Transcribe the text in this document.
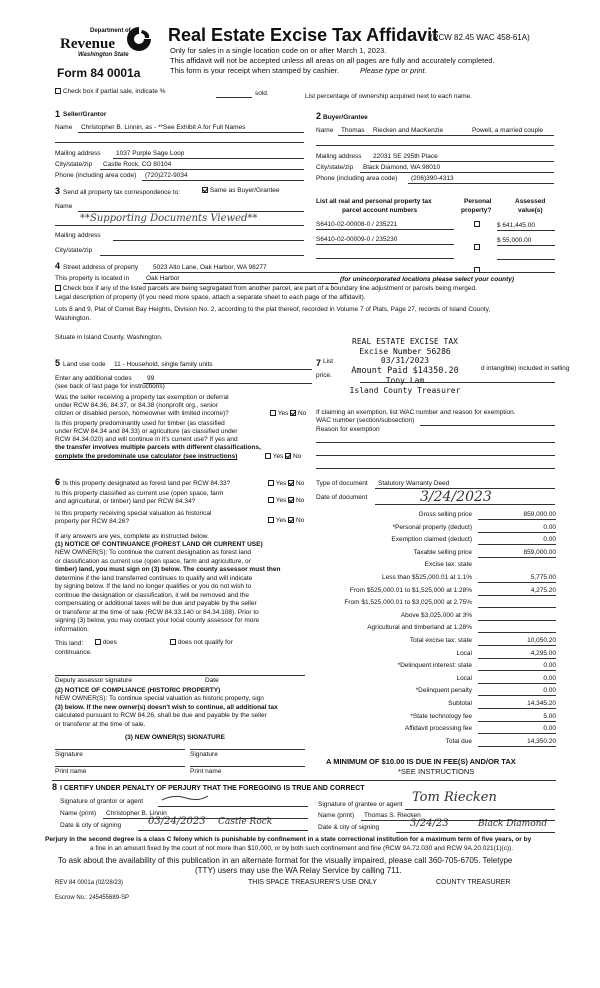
Department of
Revenue
Washington State
Form 84 0001a
Real Estate Excise Tax Affidavit
(RCW 82.45 WAC 458-61A)
Only for sales in a single location code on or after March 1, 2023.
This affidavit will not be accepted unless all areas on all pages are fully and accurately completed.
This form is your receipt when stamped by cashier.	Please type or print.
Check box if partial sale, indicate %	sold.	List percentage of ownership acquired next to each name.
1 Seller/Grantor
Name Christopher B. Linnin, as - **See Exhibit A for Full Names
Mailing address 1037 Purple Sage Loop
City/state/zip Castle Rock, CO 80104
Phone (including area code) (720)272-9034
2 Buyer/Grantee
Name Thomas Riecken and MacKenzie	Powell, a married couple
Mailing address 22031 SE 295th Place
City/state/zip Black Diamond, WA 98010
Phone (including area code) (206)390-4313
3 Send all property tax correspondence to:	Same as Buyer/Grantee
Name
**Supporting Documents Viewed**
Mailing address
City/state/zip
List all real and personal property tax
parcel account numbers
Personal
property?
Assessed
value(s)
S6410-02-00008-0 / 235221	$ 641,445.00
S6410-02-00009-0 / 235230	$ 55,000.00
4 Street address of property 5023 Alto Lane, Oak Harbor, WA 98277
This property is located in	Oak Harbor	(for unincorporated locations please select your county)
Check box if any of the listed parcels are being segregated from another parcel, are part of a boundary line adjustment or parcels being merged.
Legal description of property (if you need more space, attach a separate sheet to each page of the affidavit).
Lots 8 and 9, Plat of Comet Bay Heights, Division No. 2, according to the plat thereof, recorded in Volume 7 of Plats, Page 27, records of Island County,
Washington.
Situate in Island County, Washington.	REAL ESTATE EXCISE TAX
Excise Number 56286
03/31/2023
Amount Paid $14350.20
Tony Lam
Island County Treasurer
5 Land use code 11 - Household, single family units
Enter any additional codes 99
(see back of last page for instructions)
Was the seller receiving a property tax exemption or deferral
under RCW 84.36, 84.37, or 84.38 (nonprofit org., senior
citizen or disabled person, homeowner with limited income)?	Yes No
Is this property predominantly used for timber (as classified
under RCW 84.34 and 84.33) or agriculture (as classified under
RCW 84.34.020) and will continue in it's current use? If yes and
the transfer involves multiple parcels with different classifications,
complete the predominate use calculator (see instructions)	Yes No
7 List
d intangible) included in selling
price.
If claiming an exemption, list WAC number and reason for exemption.
WAC number (section/subsection)
Reason for exemption
6 Is this property designated as forest land per RCW 84.33?	Yes No
Is this property classified as current use (open space, farm
and agricultural, or timber) land per RCW 84.34?	Yes No
Is this property receiving special valuation as historical
property per RCW 84.26?	Yes No
If any answers are yes, complete as instructed below.
(1) NOTICE OF CONTINUANCE (FOREST LAND OR CURRENT USE)
NEW OWNER(S): To continue the current designation as forest land
or classification as current use (open space, farm and agriculture, or
timber) land, you must sign on (3) below. The county assessor must then
determine if the land transferred continues to qualify and will indicate
by signing below. If the land no longer qualifies or you do not wish to
continue the designation or classification, it will be removed and the
compensating or additional taxes will be due and payable by the seller
or transferor at the time of sale (RCW 84.33.140 or 84.34.108). Prior to
signing (3) below, you may contact your local county assessor for more
information.
This land:	does	does not qualify for
continuance.
Deputy assessor signature	Date
(2) NOTICE OF COMPLIANCE (HISTORIC PROPERTY)
NEW OWNER(S): To continue special valuation as historic property, sign
(3) below. If the new owner(s) doesn't wish to continue, all additional tax
calculated pursuant to RCW 84.26, shall be due and payable by the seller
or transferor at the time of sale.
(3) NEW OWNER(S) SIGNATURE
Signature	Signature
Print name	Print name
Type of document Statutory Warranty Deed
Date of document	3/24/2023
Gross selling price	859,000.00
*Personal property (deduct)	0.00
Exemption claimed (deduct)	0.00
Taxable selling price	859,000.00
Excise tax: state
Less than $525,000.01 at 1.1%	5,775.00
From $525,000.01 to $1,525,000 at 1.28%	4,275.20
From $1,525,000.01 to $3,025,000 at 2.75%
Above $3,025,000 at 3%
Agricultural and timberland at 1.28%
Total excise tax: state	10,050.20
Local	4,295.00
*Delinquent interest: state	0.00
Local	0.00
*Delinquent penalty	0.00
Subtotal	14,345.20
*State technology fee	5.00
Affidavit processing fee	0.00
Total due	14,350.20
A MINIMUM OF $10.00 IS DUE IN FEE(S) AND/OR TAX
*SEE INSTRUCTIONS
8 I CERTIFY UNDER PENALTY OF PERJURY THAT THE FOREGOING IS TRUE AND CORRECT
Signature of grantor or agent	Signature of grantee or agent Tom Riecken
Name (print) Christopher B. Linnin	Name (print) Thomas S. Riecken
Date & city of signing	03/24/2023 Castle Rock
Date & city of signing	3/24/23	Black Diamond
Perjury in the second degree is a class C felony which is punishable by confinement in a state correctional institution for a maximum term of five years, or by
a fine in an amount fixed by the court of not more than $10,000, or by both such confinement and fine (RCW 9A.72.030 and RCW 9A.20.021(1)(c)).
To ask about the availability of this publication in an alternate format for the visually impaired, please call 360-705-6705. Teletype
(TTY) users may use the WA Relay Service by calling 711.
REV 84 0001a (02/28/23)	THIS SPACE TREASURER'S USE ONLY	COUNTY TREASURER
Escrow No.: 245455689-SP
